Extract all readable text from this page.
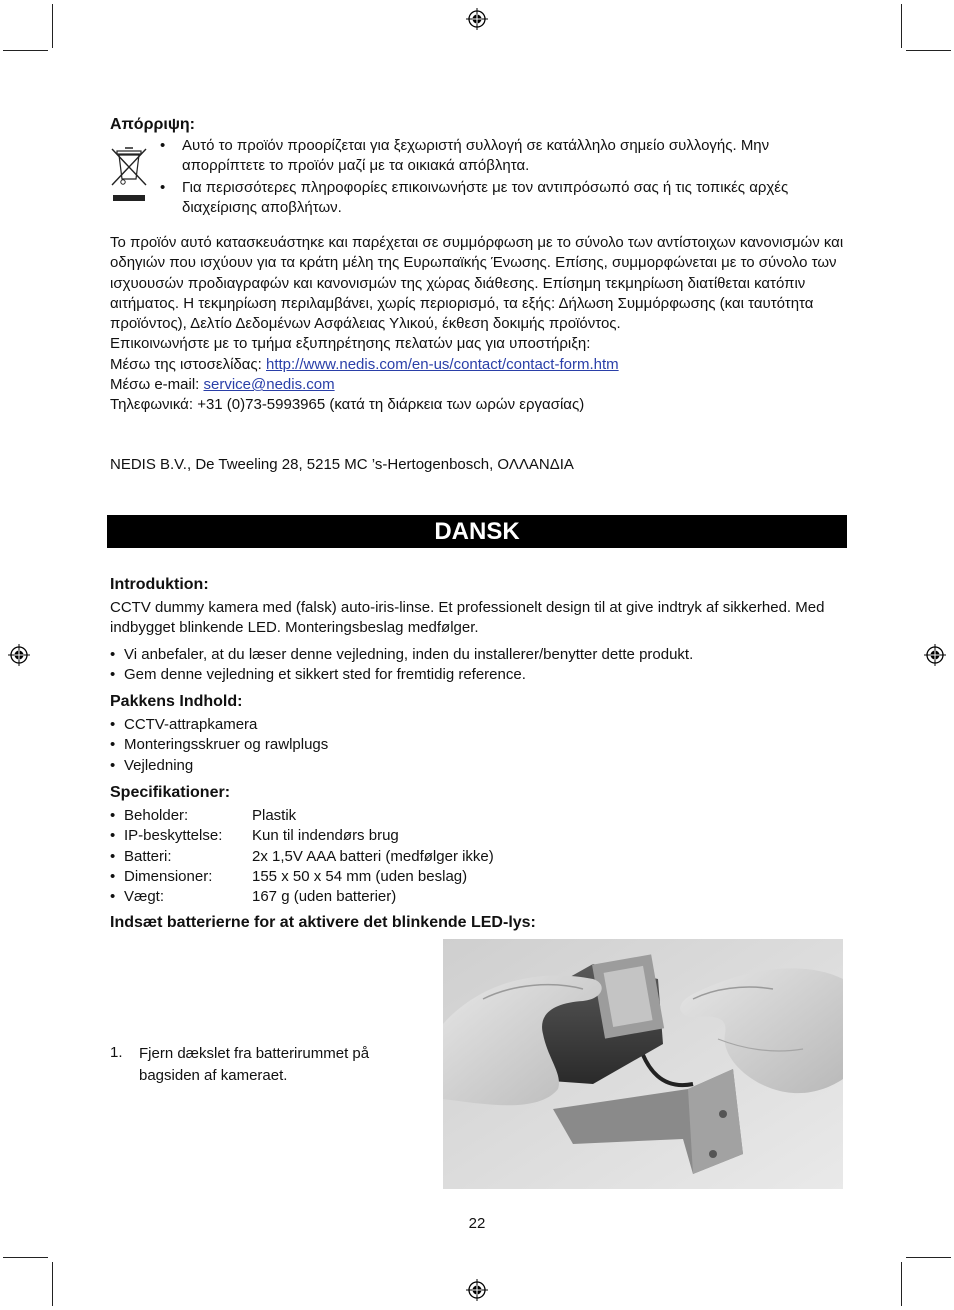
Απόρριψη:
• Αυτό το προϊόν προορίζεται για ξεχωριστή συλλογή σε κατάλληλο σημείο συλλογής. Μην απορρίπτετε το προϊόν μαζί με τα οικιακά απόβλητα.
• Για περισσότερες πληροφορίες επικοινωνήστε με τον αντιπρόσωπό σας ή τις τοπικές αρχές διαχείρισης αποβλήτων.

Το προϊόν αυτό κατασκευάστηκε και παρέχεται σε συμμόρφωση με το σύνολο των αντίστοιχων κανονισμών και οδηγιών που ισχύουν για τα κράτη μέλη της Ευρωπαϊκής Ένωσης. Επίσης, συμμορφώνεται με το σύνολο των ισχυουσών προδιαγραφών και κανονισμών της χώρας διάθεσης. Επίσημη τεκμηρίωση διατίθεται κατόπιν αιτήματος. Η τεκμηρίωση περιλαμβάνει, χωρίς περιορισμό, τα εξής: Δήλωση Συμμόρφωσης (και ταυτότητα προϊόντος), Δελτίο Δεδομένων Ασφάλειας Υλικού, έκθεση δοκιμής προϊόντος.

Επικοινωνήστε με το τμήμα εξυπηρέτησης πελατών μας για υποστήριξη:

Μέσω της ιστοσελίδας: http://www.nedis.com/en-us/contact/contact-form.htm

Μέσω e-mail: service@nedis.com

Τηλεφωνικά: +31 (0)73-5993965 (κατά τη διάρκεια των ωρών εργασίας)

NEDIS B.V., De Tweeling 28, 5215 MC ’s-Hertogenbosch, ΟΛΛΑΝΔΙΑ

DANSK
Introduktion:

CCTV dummy kamera med (falsk) auto-iris-linse. Et professionelt design til at give indtryk af sikkerhed. Med indbygget blinkende LED. Monteringsbeslag medfølger.

• Vi anbefaler, at du læser denne vejledning, inden du installerer/benytter dette produkt.
• Gem denne vejledning et sikkert sted for fremtidig reference.
Pakkens Indhold:
• CCTV-attrapkamera
• Monteringsskruer og rawlplugs
• Vejledning
Specifikationer:
• Beholder:	Plastik
• IP-beskyttelse:	Kun til indendørs brug
• Batteri:	2x 1,5V AAA batteri (medfølger ikke)
• Dimensioner:	155 x 50 x 54 mm (uden beslag)
• Vægt:	167 g (uden batterier)
Indsæt batterierne for at aktivere det blinkende LED-lys:
1.	Fjern dækslet fra batterirummet på bagsiden af kameraet.

22
